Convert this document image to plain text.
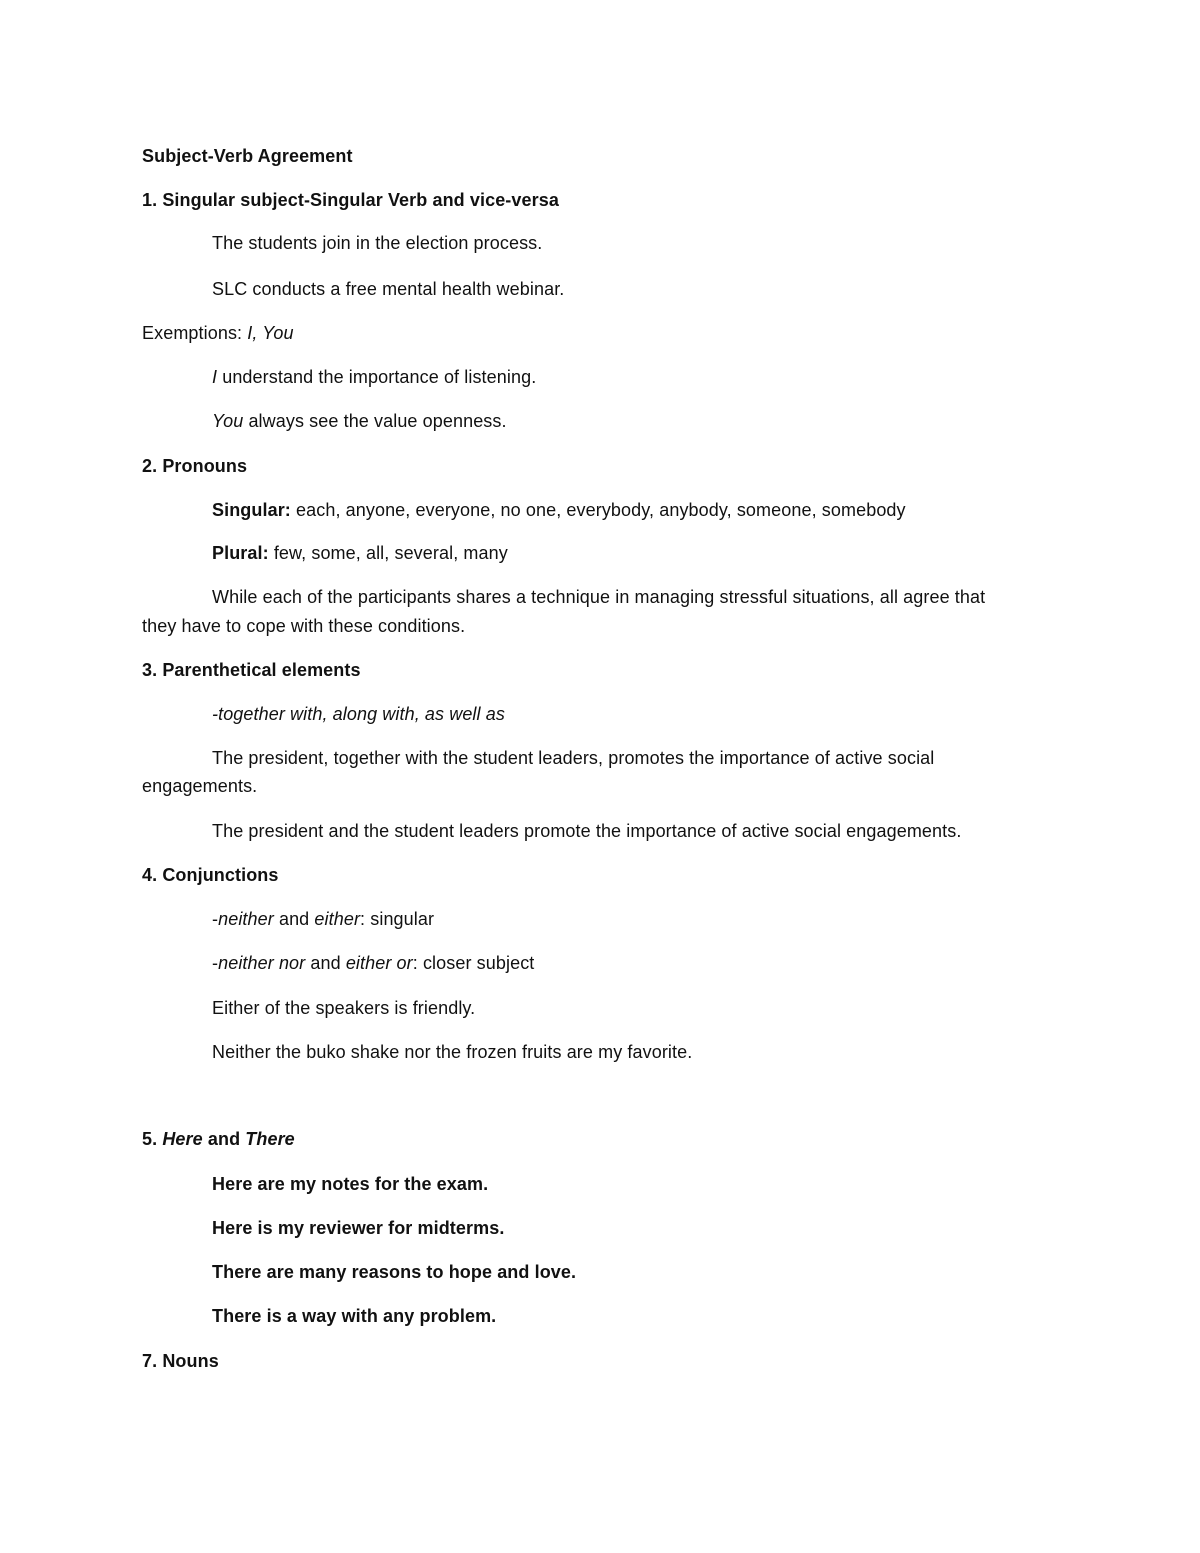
Subject-Verb Agreement
1. Singular subject-Singular Verb and vice-versa
The students join in the election process.
SLC conducts a free mental health webinar.
Exemptions: I, You
I understand the importance of listening.
You always see the value openness.
2. Pronouns
Singular: each, anyone, everyone, no one, everybody, anybody, someone, somebody
Plural: few, some, all, several, many
While each of the participants shares a technique in managing stressful situations, all agree that
they have to cope with these conditions.
3. Parenthetical elements
-together with, along with, as well as
The president, together with the student leaders, promotes the importance of active social
engagements.
The president and the student leaders promote the importance of active social engagements.
4. Conjunctions
-neither and either: singular
-neither nor and either or: closer subject
Either of the speakers is friendly.
Neither the buko shake nor the frozen fruits are my favorite.
5. Here and There
Here are my notes for the exam.
Here is my reviewer for midterms.
There are many reasons to hope and love.
There is a way with any problem.
7. Nouns
